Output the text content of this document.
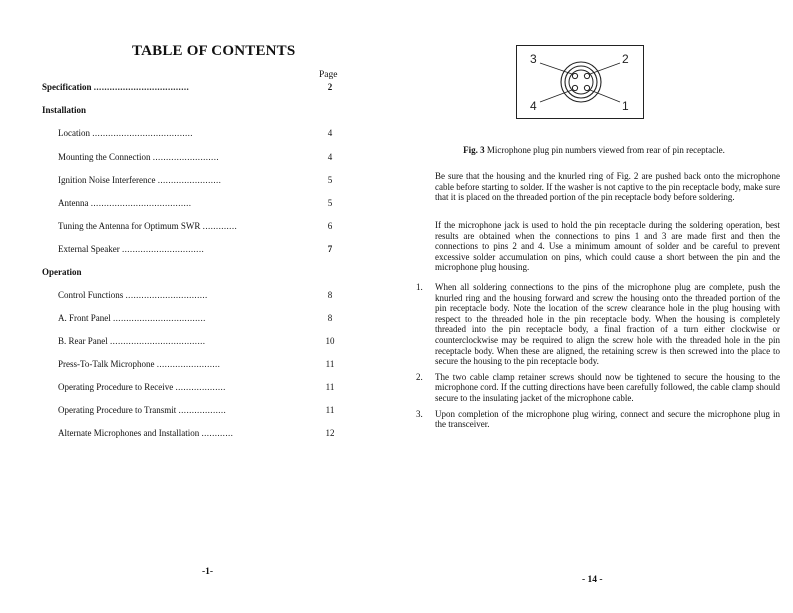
TABLE OF CONTENTS
Page
Specification ....................................	2
Installation
Location ......................................	4
Mounting the Connection .........................	4
Ignition Noise Interference ........................	5
Antenna ......................................	5
Tuning the Antenna for Optimum SWR .............	6
External Speaker ...............................	7
Operation
Control Functions ...............................	8
A. Front Panel ...................................	8
B. Rear Panel ....................................	10
Press-To-Talk Microphone ........................	11
Operating Procedure to Receive ...................	11
Operating Procedure to Transmit ..................	11
Alternate Microphones and Installation ............	12
-1-
3	2
4	1
Fig. 3 Microphone plug pin numbers viewed from rear of pin receptacle.
Be sure that the housing and the knurled ring of Fig. 2 are pushed back onto the microphone cable before starting to solder. If the washer is not captive to the pin receptacle body, make sure that it is placed on the threaded portion of the pin receptacle body before soldering.
If the microphone jack is used to hold the pin receptacle during the soldering operation, best results are obtained when the connections to pins 1 and 3 are made first and then the connections to pins 2 and 4. Use a minimum amount of solder and be careful to prevent excessive solder accumulation on pins, which could cause a short between the pin and the microphone plug housing.
1. When all soldering connections to the pins of the microphone plug are complete, push the knurled ring and the housing forward and screw the housing onto the threaded portion of the pin receptacle body. Note the location of the screw clearance hole in the plug housing with respect to the threaded hole in the pin receptacle body. When the housing is completely threaded into the pin receptacle body, a final fraction of a turn either clockwise or counterclockwise may be required to align the screw hole with the threaded hole in the pin receptacle body. When these are aligned, the retaining screw is then screwed into the place to secure the housing to the pin receptacle body.
2. The two cable clamp retainer screws should now be tightened to secure the housing to the microphone cord. If the cutting directions have been carefully followed, the cable clamp should secure to the insulating jacket of the microphone cable.
3. Upon completion of the microphone plug wiring, connect and secure the microphone plug in the transceiver.
- 14 -
